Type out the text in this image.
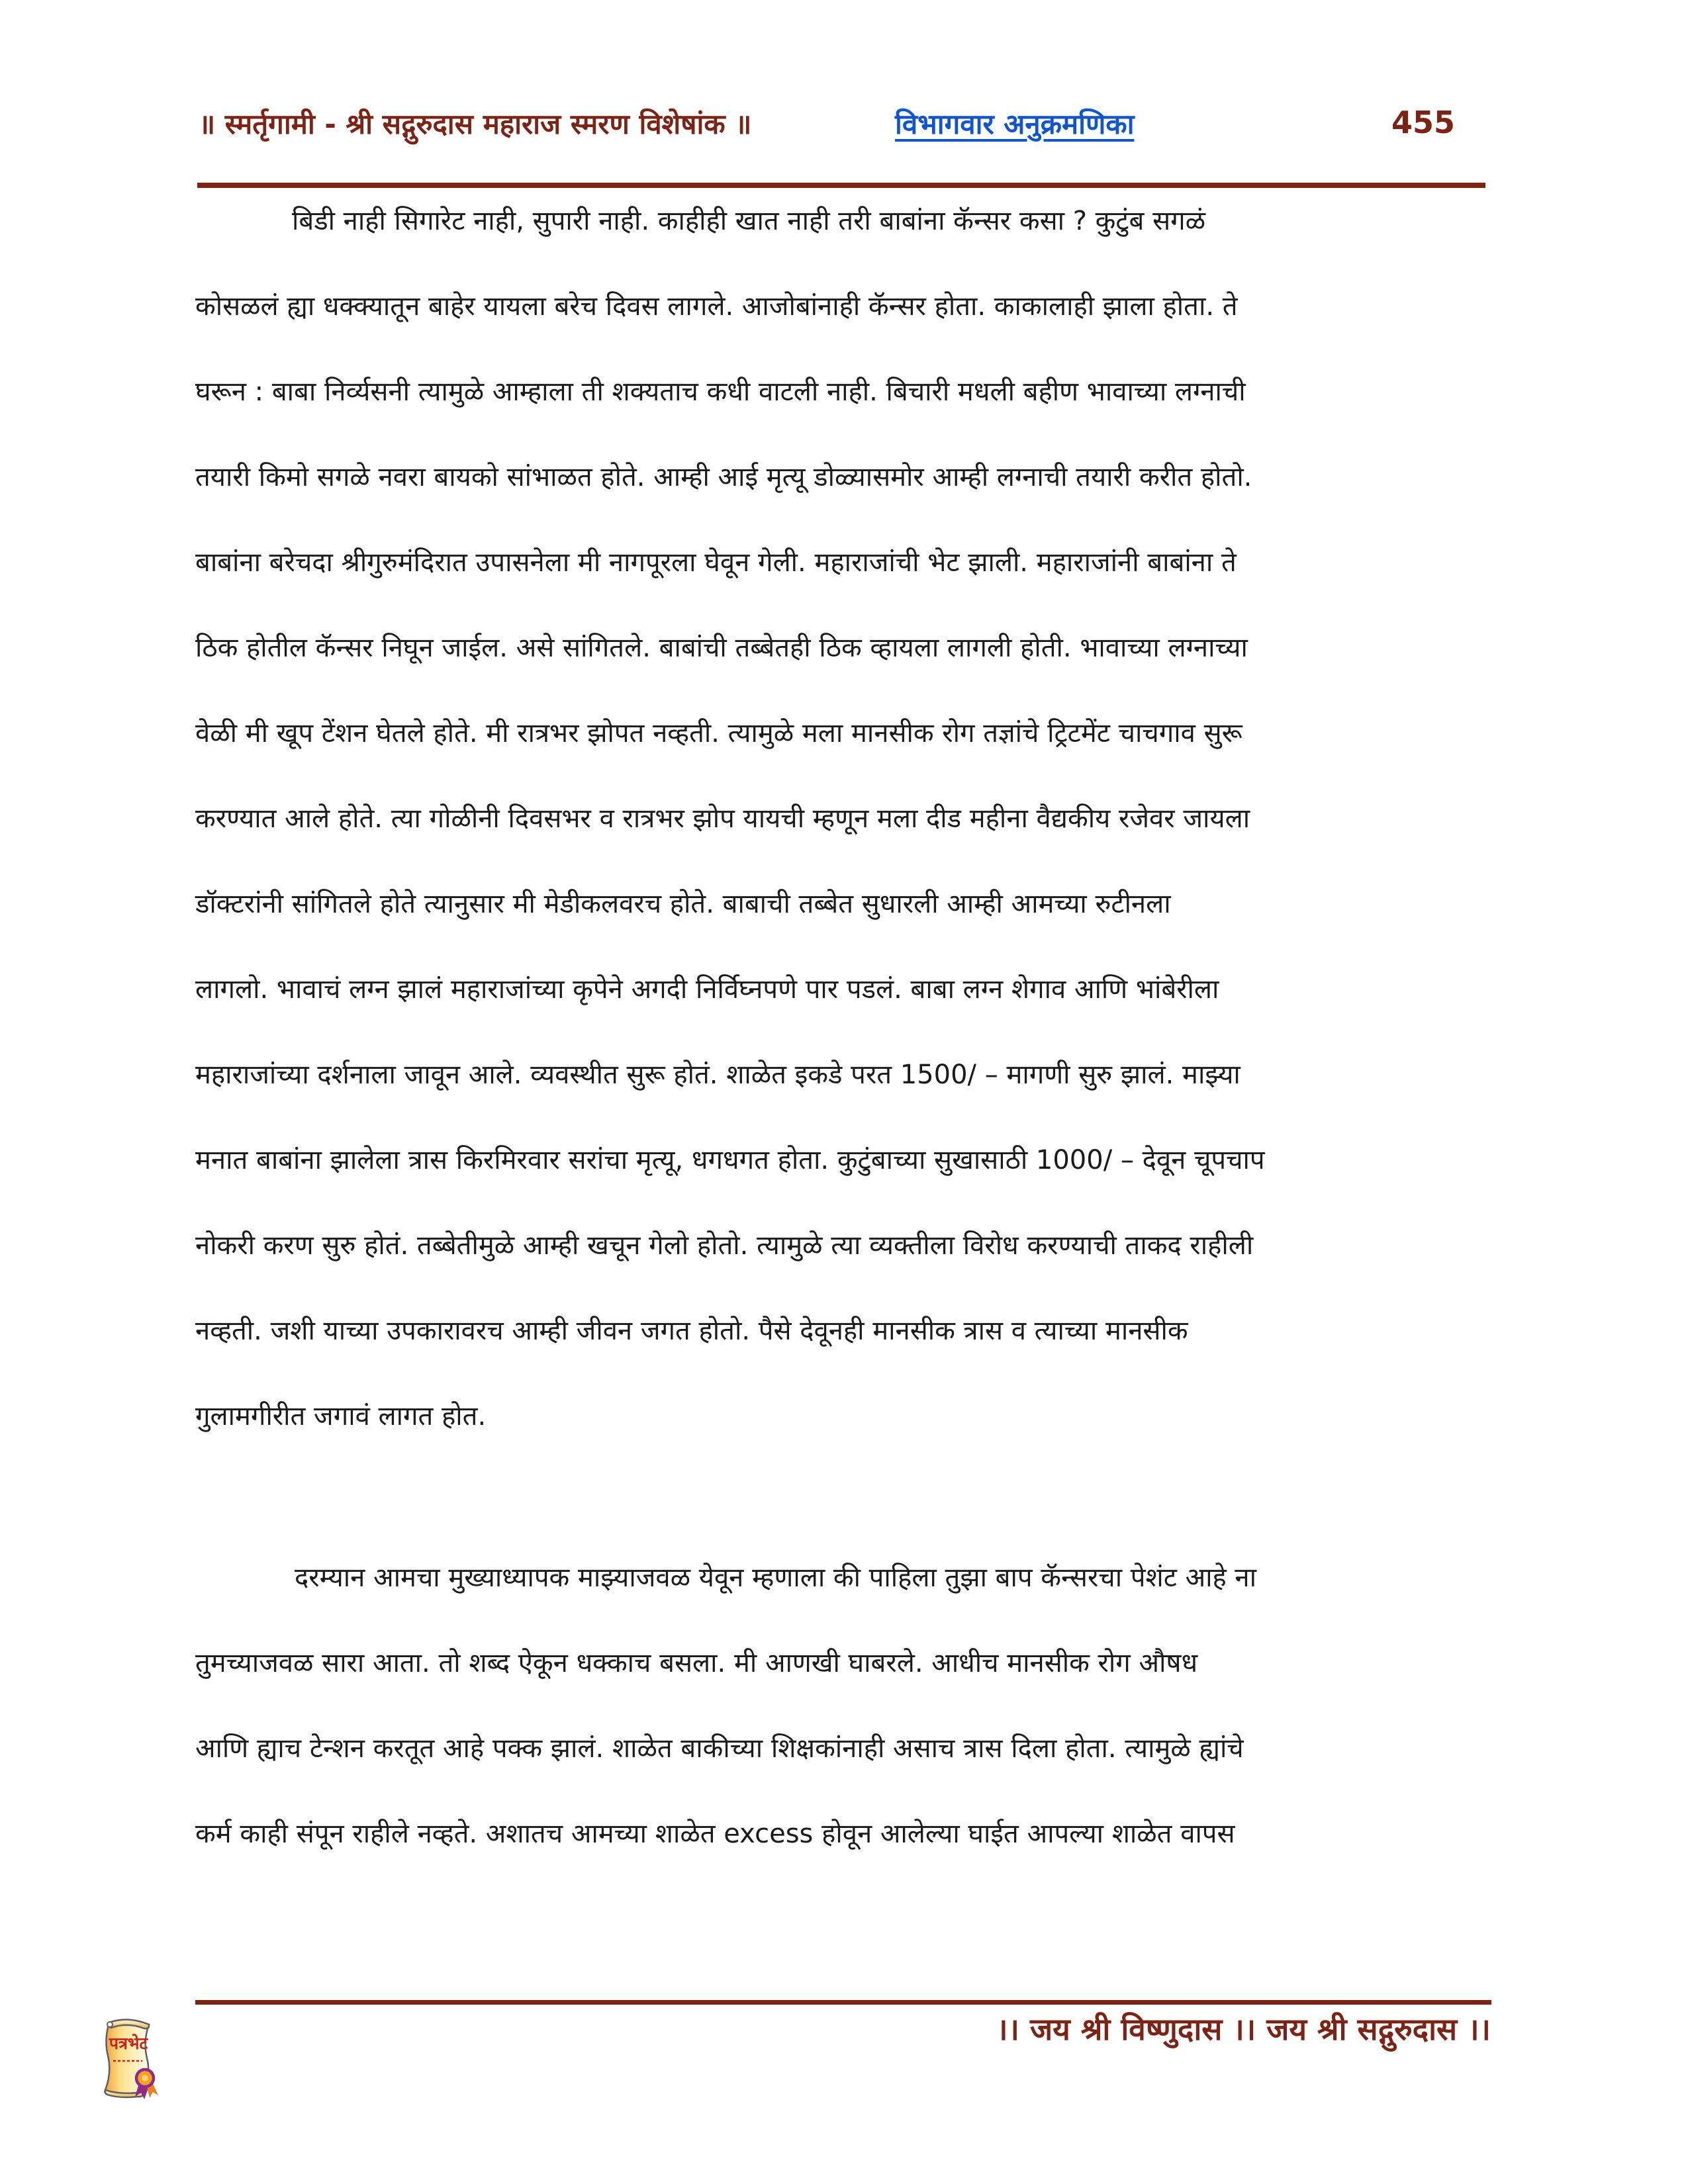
॥ स्मर्तृगामी - श्री सद्गुरुदास महाराज स्मरण विशेषांक ॥	विभागवार अनुक्रमणिका	455
बिडी नाही सिगारेट नाही, सुपारी नाही. काहीही खात नाही तरी बाबांना कॅन्सर कसा ? कुटुंब सगळं
कोसळलं ह्या धक्क्यातून बाहेर यायला बरेच दिवस लागले. आजोबांनाही कॅन्सर होता. काकालाही झाला होता. ते
घरून : बाबा निर्व्यसनी त्यामुळे आम्हाला ती शक्यताच कधी वाटली नाही. बिचारी मधली बहीण भावाच्या लग्नाची
तयारी किमो सगळे नवरा बायको सांभाळत होते. आम्ही आई मृत्यू डोळ्यासमोर आम्ही लग्नाची तयारी करीत होतो.
बाबांना बरेचदा श्रीगुरुमंदिरात उपासनेला मी नागपूरला घेवून गेली. महाराजांची भेट झाली. महाराजांनी बाबांना ते
ठिक होतील कॅन्सर निघून जाईल. असे सांगितले. बाबांची तब्बेतही ठिक व्हायला लागली होती. भावाच्या लग्नाच्या
वेळी मी खूप टेंशन घेतले होते. मी रात्रभर झोपत नव्हती. त्यामुळे मला मानसीक रोग तज्ञांचे ट्रिटमेंट चाचगाव सुरू
करण्यात आले होते. त्या गोळीनी दिवसभर व रात्रभर झोप यायची म्हणून मला दीड महीना वैद्यकीय रजेवर जायला
डॉक्टरांनी सांगितले होते त्यानुसार मी मेडीकलवरच होते. बाबाची तब्बेत सुधारली आम्ही आमच्या रुटीनला
लागलो. भावाचं लग्न झालं महाराजांच्या कृपेने अगदी निर्विघ्नपणे पार पडलं. बाबा लग्न शेगाव आणि भांबेरीला
महाराजांच्या दर्शनाला जावून आले. व्यवस्थीत सुरू होतं. शाळेत इकडे परत 1500/ – मागणी सुरु झालं. माझ्या
मनात बाबांना झालेला त्रास किरमिरवार सरांचा मृत्यू, धगधगत होता. कुटुंबाच्या सुखासाठी 1000/ – देवून चूपचाप
नोकरी करण सुरु होतं. तब्बेतीमुळे आम्ही खचून गेलो होतो. त्यामुळे त्या व्यक्तीला विरोध करण्याची ताकद राहीली
नव्हती. जशी याच्या उपकारावरच आम्ही जीवन जगत होतो. पैसे देवूनही मानसीक त्रास व त्याच्या मानसीक
गुलामगीरीत जगावं लागत होत.
दरम्यान आमचा मुख्याध्यापक माझ्याजवळ येवून म्हणाला की पाहिला तुझा बाप कॅन्सरचा पेशंट आहे ना
तुमच्याजवळ सारा आता. तो शब्द ऐकून धक्काच बसला. मी आणखी घाबरले. आधीच मानसीक रोग औषध
आणि ह्याच टेन्शन करतूत आहे पक्क झालं. शाळेत बाकीच्या शिक्षकांनाही असाच त्रास दिला होता. त्यामुळे ह्यांचे
कर्म काही संपून राहीले नव्हते. अशातच आमच्या शाळेत excess होवून आलेल्या घाईत आपल्या शाळेत वापस
।। जय श्री विष्णुदास ।। जय श्री सद्गुरुदास ।।
पत्रभेट
